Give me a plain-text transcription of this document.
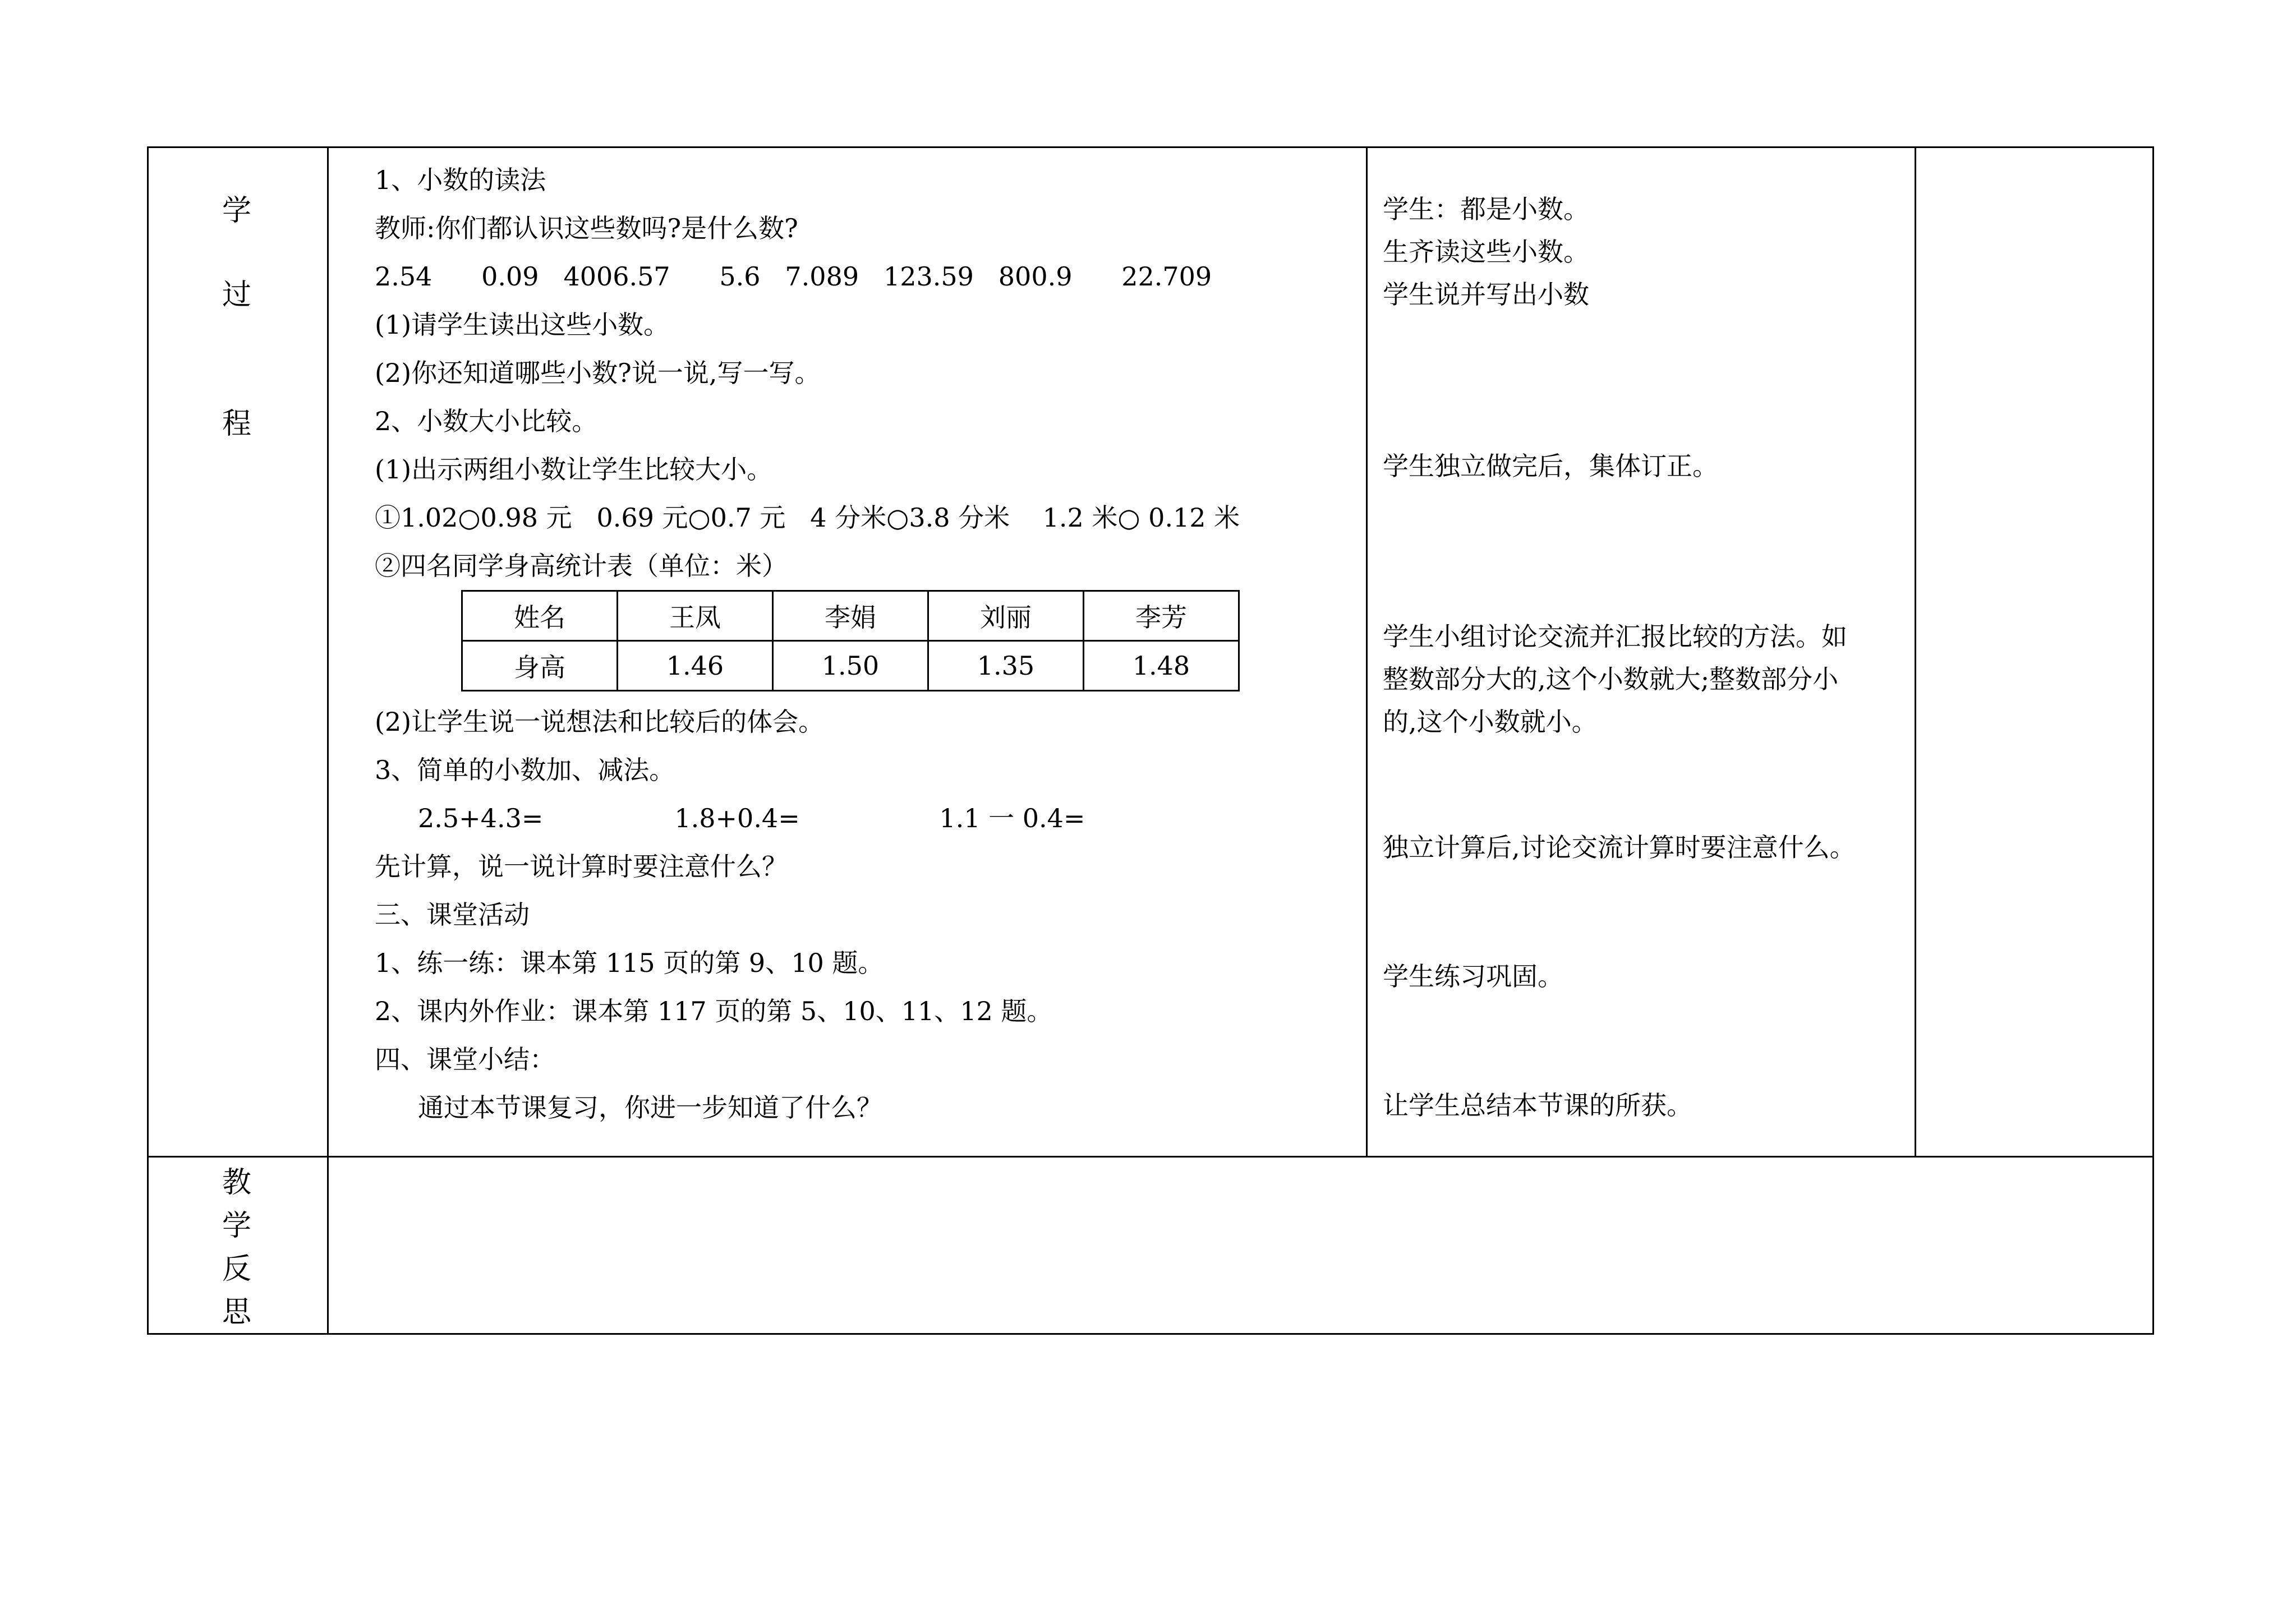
学
过
程
教
学
反
思
1、小数的读法
教师:你们都认识这些数吗?是什么数?
2.54      0.09   4006.57      5.6   7.089   123.59   800.9      22.709
(1)请学生读出这些小数。
(2)你还知道哪些小数?说一说,写一写。
2、小数大小比较。
(1)出示两组小数让学生比较大小。
①1.02○0.98 元   0.69 元○0.7 元   4 分米○3.8 分米    1.2 米○ 0.12 米
②四名同学身高统计表（单位：米）
姓名	王凤	李娟	刘丽	李芳
身高	1.46	1.50	1.35	1.48
(2)让学生说一说想法和比较后的体会。
3、简单的小数加、减法。
2.5+4.3=                1.8+0.4=                 1.1 一 0.4=
先计算，说一说计算时要注意什么？
三、课堂活动
1、练一练：课本第 115 页的第 9、10 题。
2、课内外作业：课本第 117 页的第 5、10、11、12 题。
四、课堂小结：
通过本节课复习，你进一步知道了什么？
学生：都是小数。
生齐读这些小数。
学生说并写出小数
学生独立做完后，集体订正。
学生小组讨论交流并汇报比较的方法。如
整数部分大的,这个小数就大;整数部分小
的,这个小数就小。
独立计算后,讨论交流计算时要注意什么。
学生练习巩固。
让学生总结本节课的所获。
